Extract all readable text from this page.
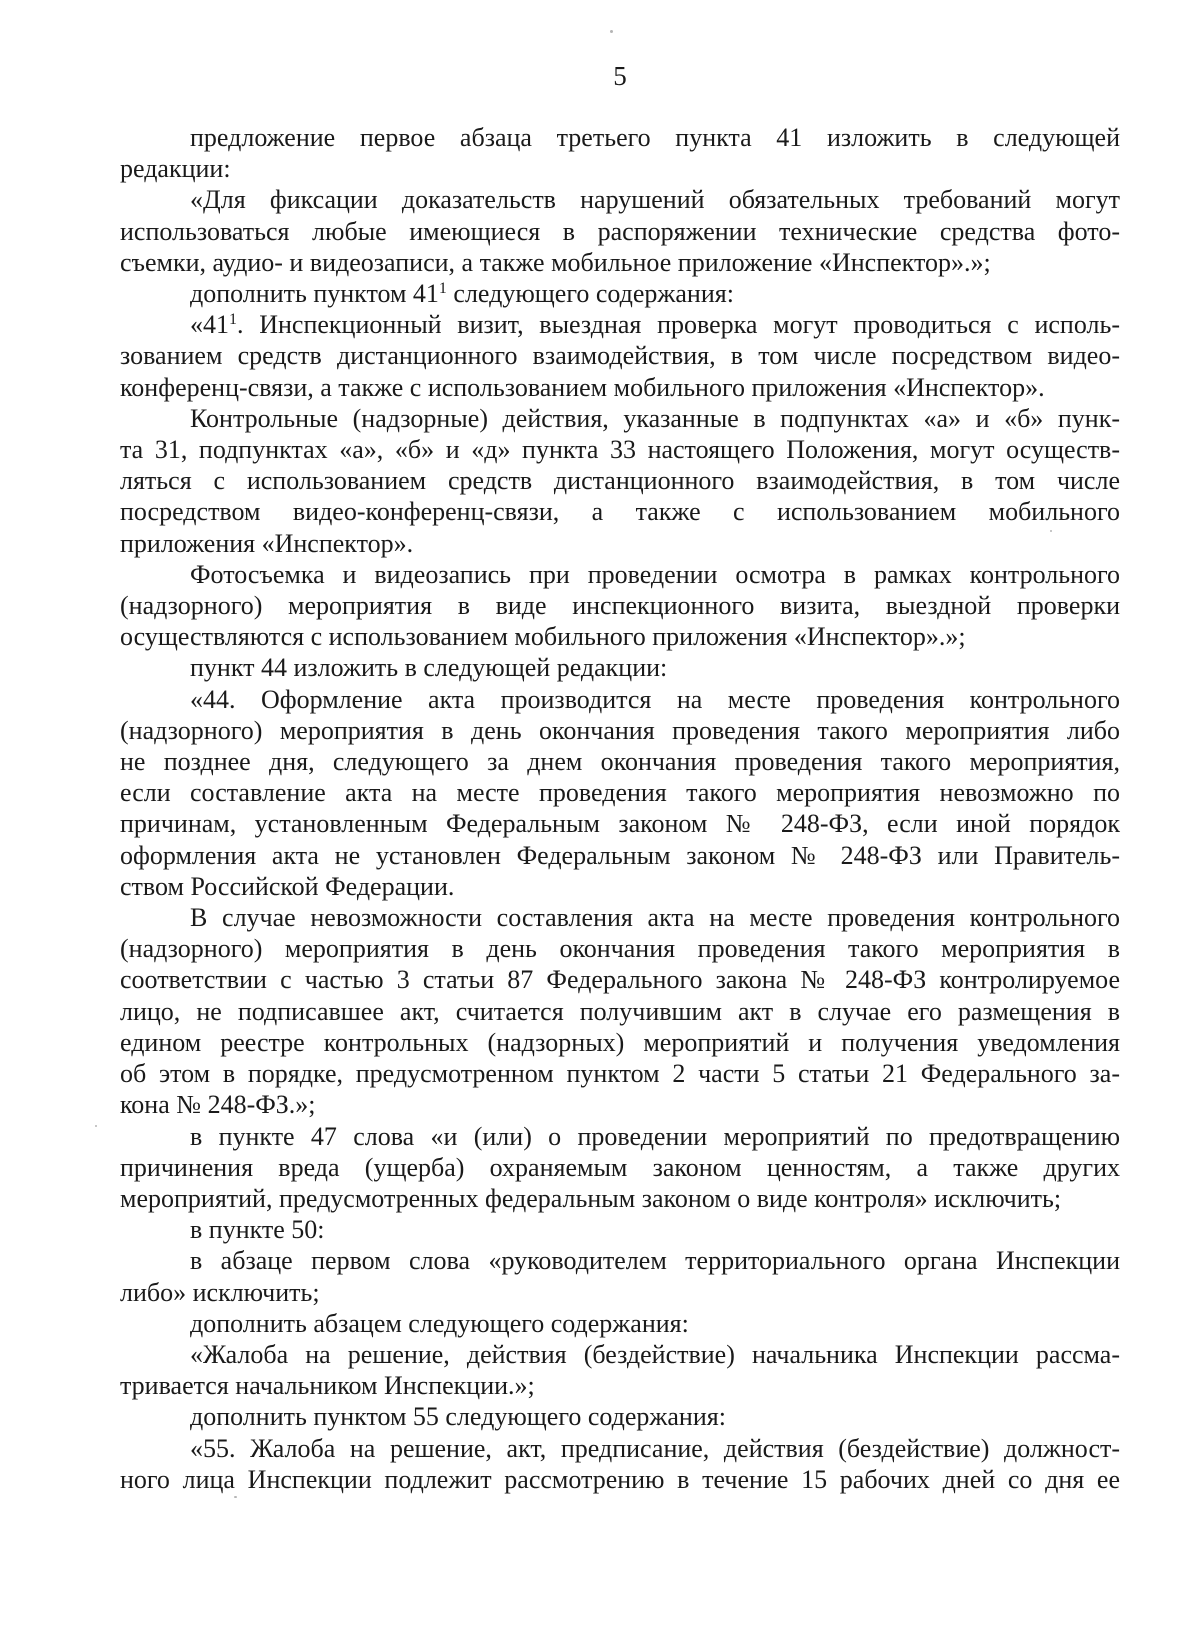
5
предложение первое абзаца третьего пункта 41 изложить в следующей
редакции:
«Для фиксации доказательств нарушений обязательных требований могут
использоваться любые имеющиеся в распоряжении технические средства фото-
съемки, аудио- и видеозаписи, а также мобильное приложение «Инспектор».»;
дополнить пунктом $41^1$ следующего содержания:
«$41^1$. Инспекционный визит, выездная проверка могут проводиться с исполь-
зованием средств дистанционного взаимодействия, в том числе посредством видео-
конференц-связи, а также с использованием мобильного приложения «Инспектор».
Контрольные (надзорные) действия, указанные в подпунктах «а» и «б» пунк-
та 31, подпунктах «а», «б» и «д» пункта 33 настоящего Положения, могут осуществ-
ляться с использованием средств дистанционного взаимодействия, в том числе
посредством видео-конференц-связи, а также с использованием мобильного
приложения «Инспектор».
Фотосъемка и видеозапись при проведении осмотра в рамках контрольного
(надзорного) мероприятия в виде инспекционного визита, выездной проверки
осуществляются с использованием мобильного приложения «Инспектор».»;
пункт 44 изложить в следующей редакции:
«44. Оформление акта производится на месте проведения контрольного
(надзорного) мероприятия в день окончания проведения такого мероприятия либо
не позднее дня, следующего за днем окончания проведения такого мероприятия,
если составление акта на месте проведения такого мероприятия невозможно по
причинам, установленным Федеральным законом № 248-ФЗ, если иной порядок
оформления акта не установлен Федеральным законом № 248-ФЗ или Правитель-
ством Российской Федерации.
В случае невозможности составления акта на месте проведения контрольного
(надзорного) мероприятия в день окончания проведения такого мероприятия в
соответствии с частью 3 статьи 87 Федерального закона № 248-ФЗ контролируемое
лицо, не подписавшее акт, считается получившим акт в случае его размещения в
едином реестре контрольных (надзорных) мероприятий и получения уведомления
об этом в порядке, предусмотренном пунктом 2 части 5 статьи 21 Федерального за-
кона № 248-ФЗ.»;
в пункте 47 слова «и (или) о проведении мероприятий по предотвращению
причинения вреда (ущерба) охраняемым законом ценностям, а также других
мероприятий, предусмотренных федеральным законом о виде контроля» исключить;
в пункте 50:
в абзаце первом слова «руководителем территориального органа Инспекции
либо» исключить;
дополнить абзацем следующего содержания:
«Жалоба на решение, действия (бездействие) начальника Инспекции рассма-
тривается начальником Инспекции.»;
дополнить пунктом 55 следующего содержания:
«55. Жалоба на решение, акт, предписание, действия (бездействие) должност-
ного лица Инспекции подлежит рассмотрению в течение 15 рабочих дней со дня ее
